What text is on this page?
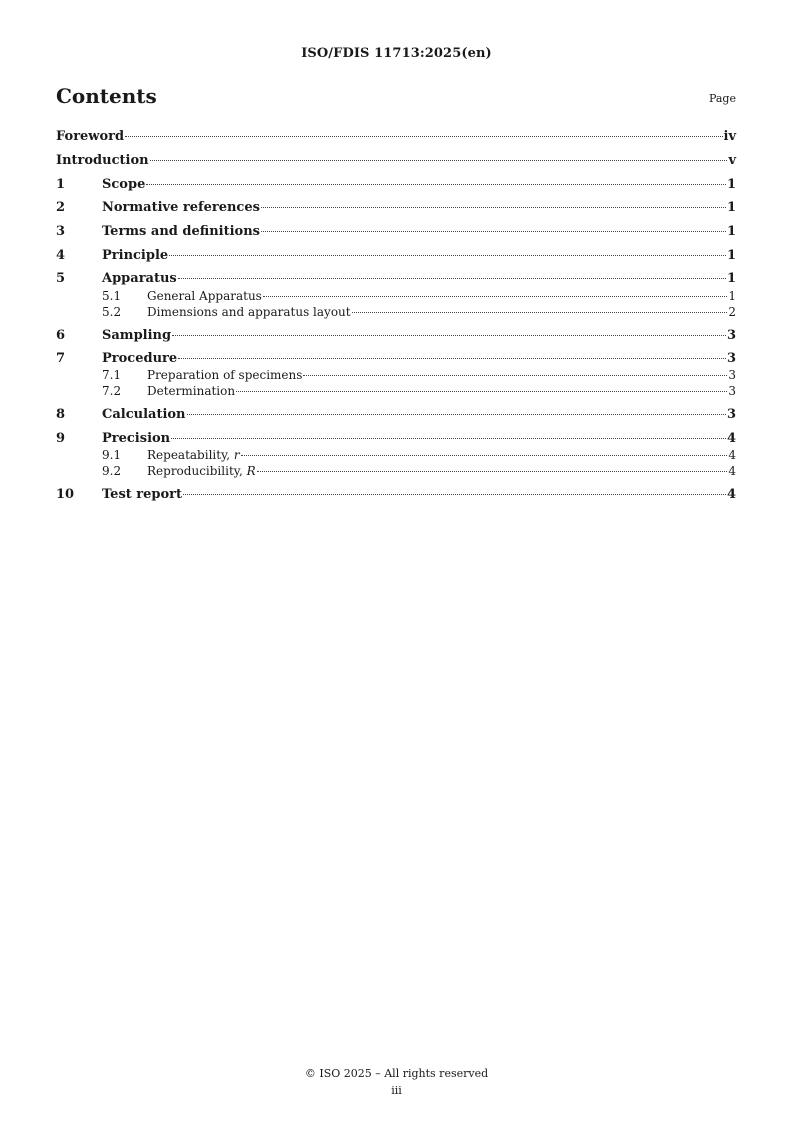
ISO/FDIS 11713:2025(en)
Contents	Page
Foreword	iv
Introduction	v
1	Scope	1
2	Normative references	1
3	Terms and definitions	1
4	Principle	1
5	Apparatus	1
5.1	General Apparatus	1
5.2	Dimensions and apparatus layout	2
6	Sampling	3
7	Procedure	3
7.1	Preparation of specimens	3
7.2	Determination	3
8	Calculation	3
9	Precision	4
9.1	Repeatability, r	4
9.2	Reproducibility, R	4
10	Test report	4
© ISO 2025 – All rights reserved
iii
